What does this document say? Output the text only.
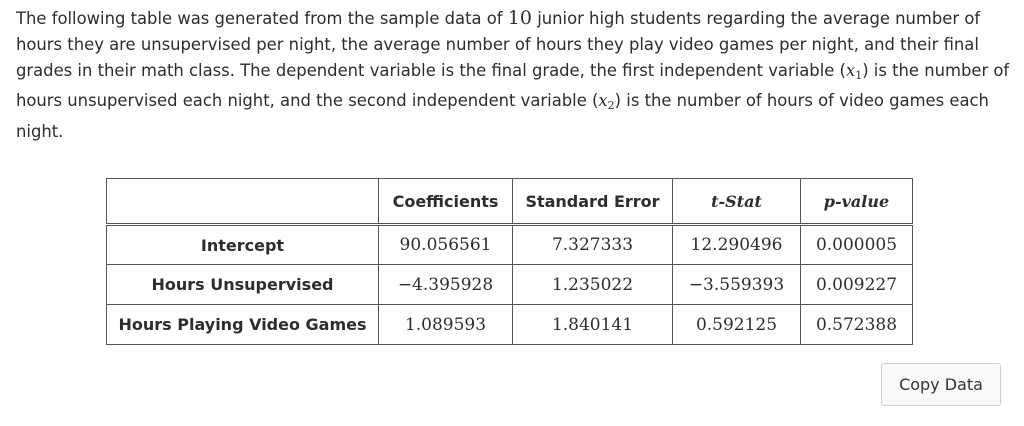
The following table was generated from the sample data of 10 junior high students regarding the average number of hours they are unsupervised per night, the average number of hours they play video games per night, and their final grades in their math class. The dependent variable is the final grade, the first independent variable $(x_1)$ is the number of hours unsupervised each night, and the second independent variable $(x_2)$ is the number of hours of video games each night.

	Coefficients	Standard Error	t-Stat	p-value
Intercept	90.056561	7.327333	12.290496	0.000005
Hours Unsupervised	−4.395928	1.235022	−3.559393	0.009227
Hours Playing Video Games	1.089593	1.840141	0.592125	0.572388
Copy Data
